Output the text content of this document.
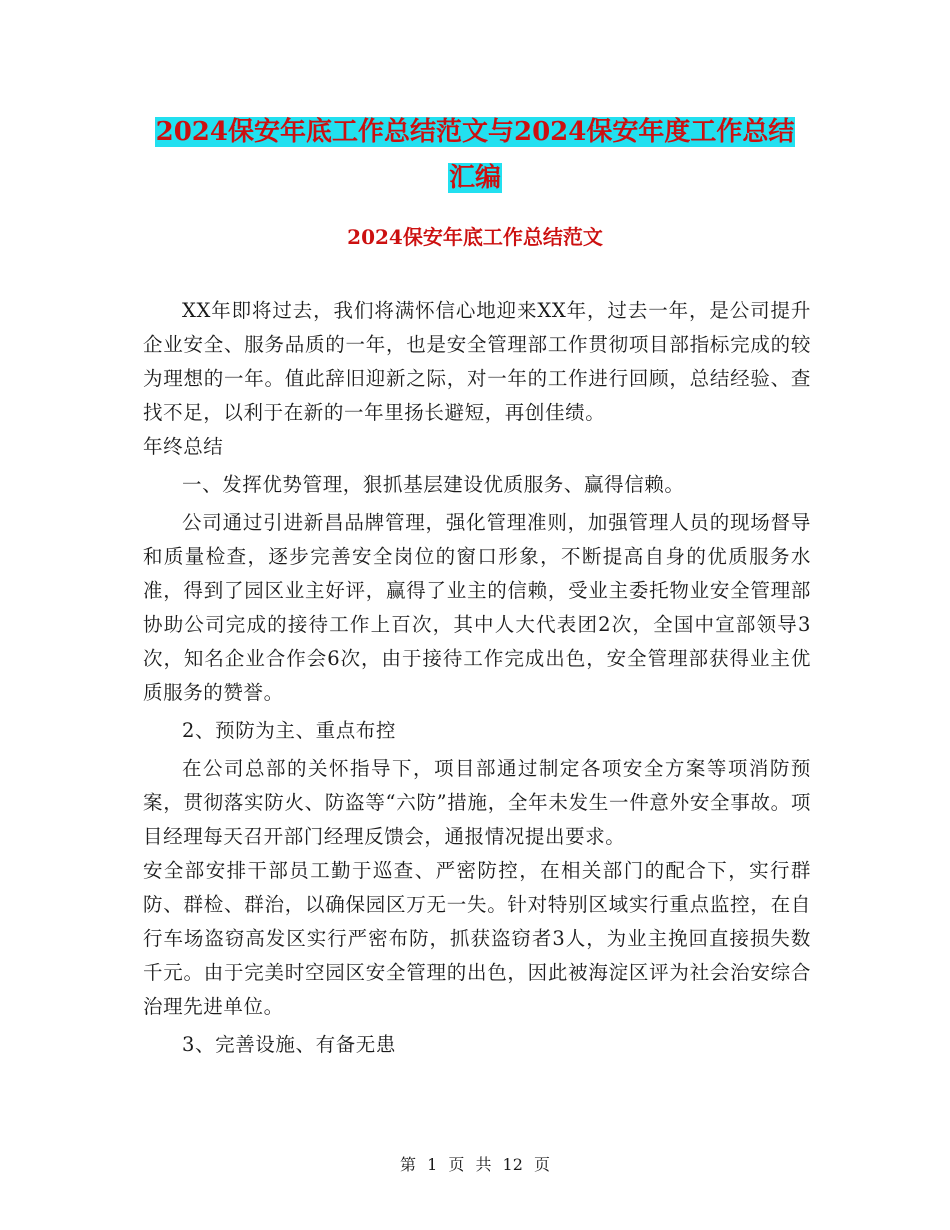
2024保安年底工作总结范文与2024保安年度工作总结
汇编
2024保安年底工作总结范文

XX年即将过去，我们将满怀信心地迎来XX年，过去一年，是公司提升企业安全、服务品质的一年，也是安全管理部工作贯彻项目部指标完成的较为理想的一年。值此辞旧迎新之际，对一年的工作进行回顾，总结经验、查找不足，以利于在新的一年里扬长避短，再创佳绩。

年终总结

一、发挥优势管理，狠抓基层建设优质服务、赢得信赖。

公司通过引进新昌品牌管理，强化管理准则，加强管理人员的现场督导和质量检查，逐步完善安全岗位的窗口形象，不断提高自身的优质服务水准，得到了园区业主好评，赢得了业主的信赖，受业主委托物业安全管理部协助公司完成的接待工作上百次，其中人大代表团2次，全国中宣部领导3次，知名企业合作会6次，由于接待工作完成出色，安全管理部获得业主优质服务的赞誉。

2、预防为主、重点布控

在公司总部的关怀指导下，项目部通过制定各项安全方案等项消防预案，贯彻落实防火、防盗等“六防”措施，全年未发生一件意外安全事故。项目经理每天召开部门经理反馈会，通报情况提出要求。

安全部安排干部员工勤于巡查、严密防控，在相关部门的配合下，实行群防、群检、群治，以确保园区万无一失。针对特别区域实行重点监控，在自行车场盗窃高发区实行严密布防，抓获盗窃者3人，为业主挽回直接损失数千元。由于完美时空园区安全管理的出色，因此被海淀区评为社会治安综合治理先进单位。

3、完善设施、有备无患

第 1 页 共 12 页
